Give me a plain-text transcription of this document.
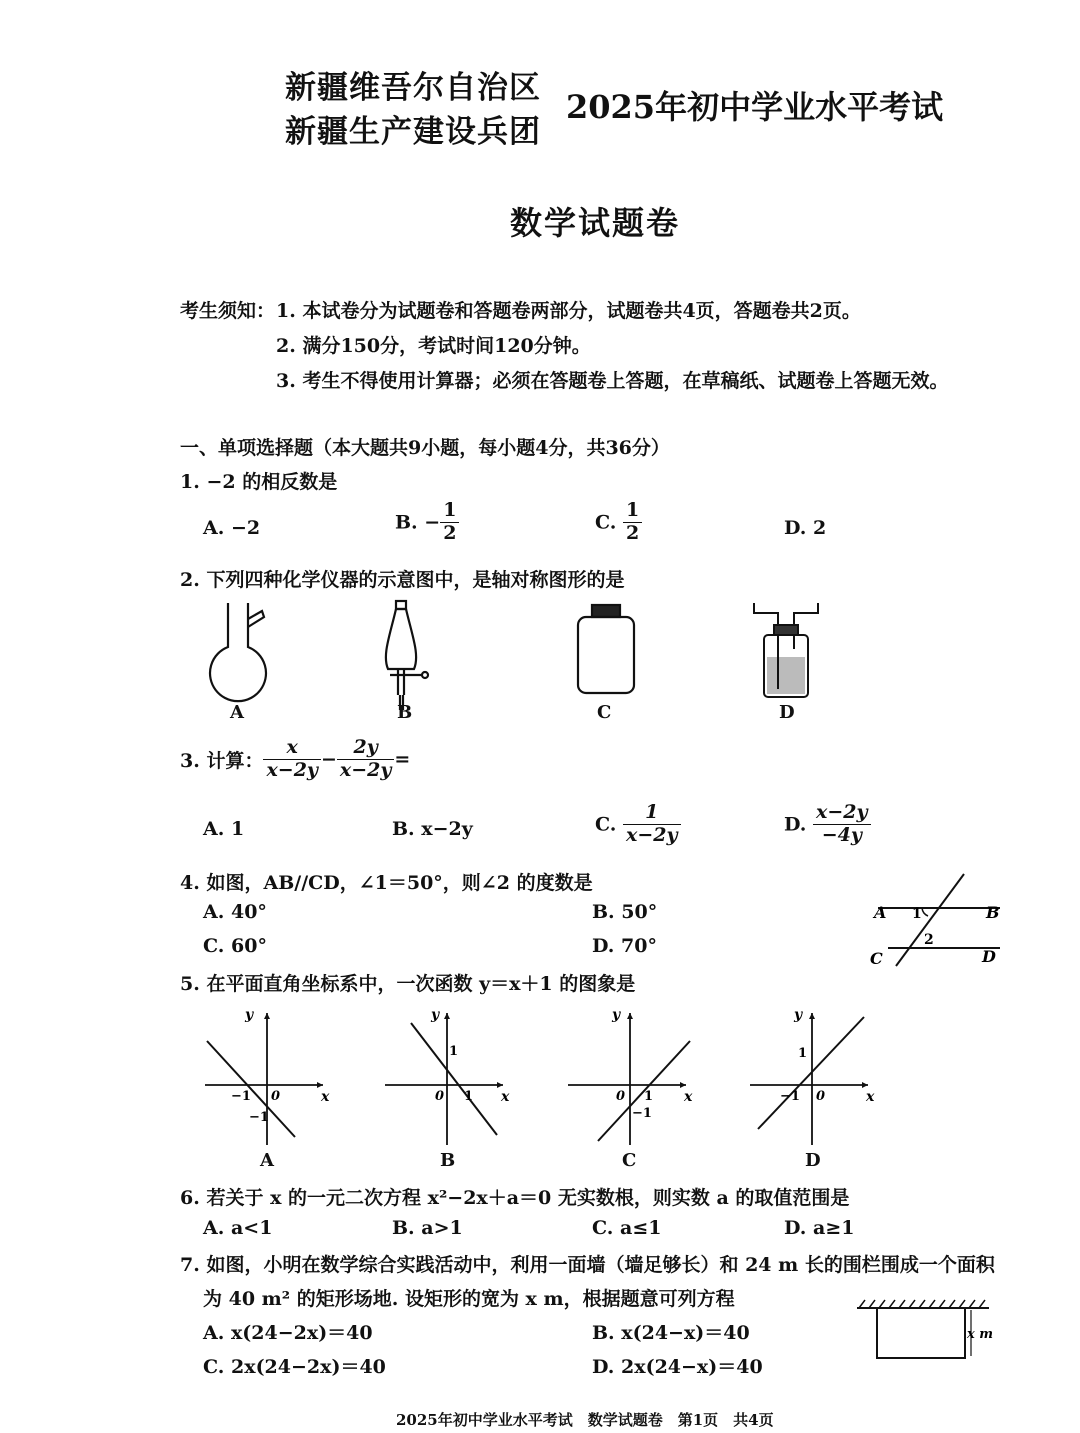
新疆维吾尔自治区
新疆生产建设兵团
2025年初中学业水平考试
数学试题卷
考生须知： 1. 本试卷分为试题卷和答题卷两部分，试题卷共4页，答题卷共2页。
2. 满分150分，考试时间120分钟。
3. 考生不得使用计算器；必须在答题卷上答题，在草稿纸、试题卷上答题无效。
一、单项选择题（本大题共9小题，每小题4分，共36分）
1. −2 的相反数是
A. −2	B. − $\frac{1}{2}$	C. $\frac{1}{2}$	D. 2
2. 下列四种化学仪器的示意图中，是轴对称图形的是
A	B	C	D
3. 计算： $\frac{x}{x-2y} - \frac{2y}{x-2y}$ =
A. 1	B. x−2y	C. $\frac{1}{x-2y}$	D. $\frac{x-2y}{-4y}$
4. 如图，AB//CD，∠1＝50°，则∠2 的度数是
A. 40°	B. 50°
C. 60°	D. 70°
A	B
C	D
1
2
5. 在平面直角坐标系中，一次函数 y＝x＋1 的图象是
y
x
0
−1
−1
y
x
0 1
1
y
x
0 1
−1
y
x
0
−1
1
A	B	C	D
6. 若关于 x 的一元二次方程 x²−2x＋a＝0 无实数根，则实数 a 的取值范围是
A. a<1	B. a>1	C. a≤1	D. a≥1
7. 如图，小明在数学综合实践活动中，利用一面墙（墙足够长）和 24 m 长的围栏围成一个面积
为 40 m² 的矩形场地. 设矩形的宽为 x m，根据题意可列方程
A. x(24−2x)＝40	B. x(24−x)＝40
C. 2x(24−2x)＝40	D. 2x(24−x)＝40
x m
2025年初中学业水平考试　数学试题卷　第1页　共4页
